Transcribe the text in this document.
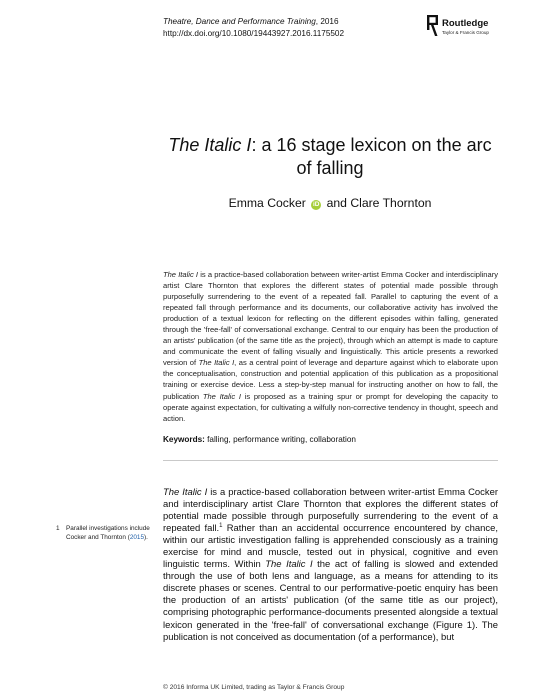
Theatre, Dance and Performance Training, 2016
http://dx.doi.org/10.1080/19443927.2016.1175502
Routledge
Taylor & Francis Group
The Italic I: a 16 stage lexicon on the arc of falling
Emma Cocker iD and Clare Thornton
The Italic I is a practice-based collaboration between writer-artist Emma Cocker and interdisciplinary artist Clare Thornton that explores the different states of potential made possible through purposefully surrendering to the event of a repeated fall. Parallel to capturing the event of a repeated fall through performance and its documents, our collaborative activity has involved the production of a textual lexicon for reflecting on the different episodes within falling, generated through the 'free-fall' of conversational exchange. Central to our enquiry has been the production of an artists' publication (of the same title as the project), through which an attempt is made to capture and communicate the event of falling visually and linguistically. This article presents a reworked version of The Italic I, as a central point of leverage and departure against which to elaborate upon the conceptualisation, construction and potential application of this publication as a propositional training or exercise device. Less a step-by-step manual for instructing another on how to fall, the publication The Italic I is proposed as a training spur or prompt for developing the capacity to operate against expectation, for cultivating a wilfully non-corrective tendency in thought, speech and action.
Keywords: falling, performance writing, collaboration
The Italic I is a practice-based collaboration between writer-artist Emma Cocker and interdisciplinary artist Clare Thornton that explores the different states of potential made possible through purposefully surrendering to the event of a repeated fall.$^1$ Rather than an accidental occurrence encountered by chance, within our artistic investigation falling is apprehended consciously as a training exercise for mind and muscle, tested out in physical, cognitive and even linguistic terms. Within The Italic I the act of falling is slowed and extended through the use of both lens and language, as a means for attending to its discrete phases or scenes. Central to our performative-poetic enquiry has been the production of an artists' publication (of the same title as our project), comprising photographic performance-documents presented alongside a textual lexicon generated in the 'free-fall' of conversational exchange (Figure 1). The publication is not conceived as documentation (of a performance), but
1 Parallel investigations include Cocker and Thornton (2015).
© 2016 Informa UK Limited, trading as Taylor & Francis Group
